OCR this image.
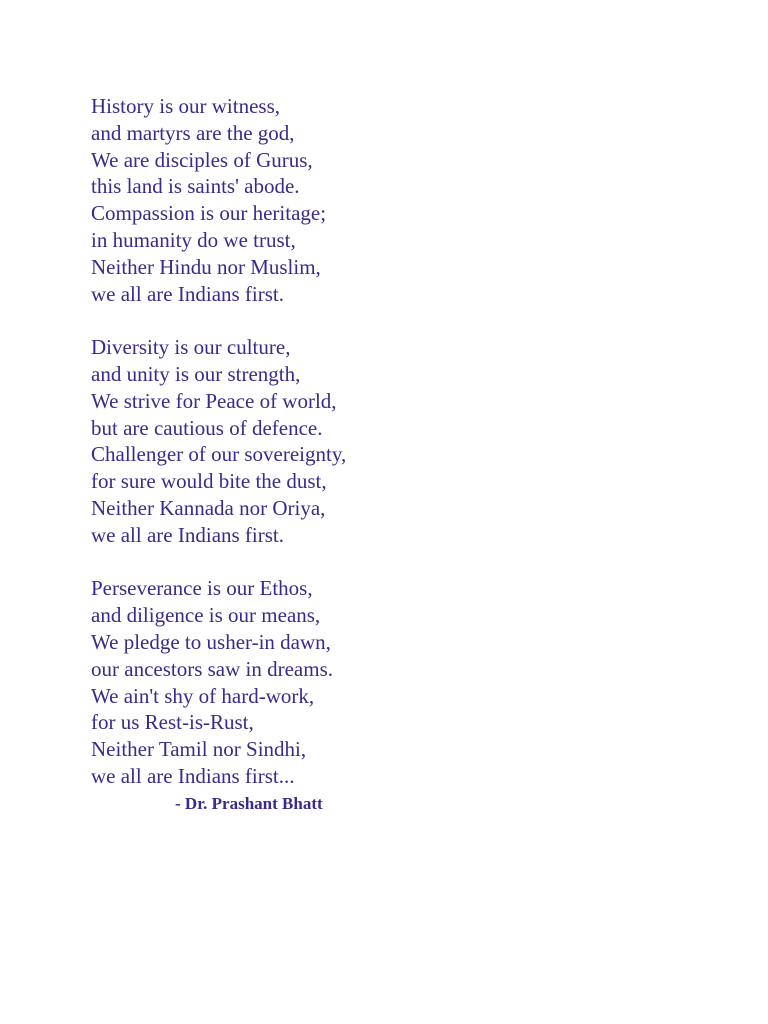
History is our witness,
and martyrs are the god,
We are disciples of Gurus,
this land is saints' abode.
Compassion is our heritage;
in humanity do we trust,
Neither Hindu nor Muslim,
we all are Indians first.
Diversity is our culture,
and unity is our strength,
We strive for Peace of world,
but are cautious of defence.
Challenger of our sovereignty,
for sure would bite the dust,
Neither Kannada nor Oriya,
we all are Indians first.
Perseverance is our Ethos,
and diligence is our means,
We pledge to usher-in dawn,
our ancestors saw in dreams.
We ain't shy of hard-work,
for us Rest-is-Rust,
Neither Tamil nor Sindhi,
we all are Indians first...
- Dr. Prashant Bhatt
